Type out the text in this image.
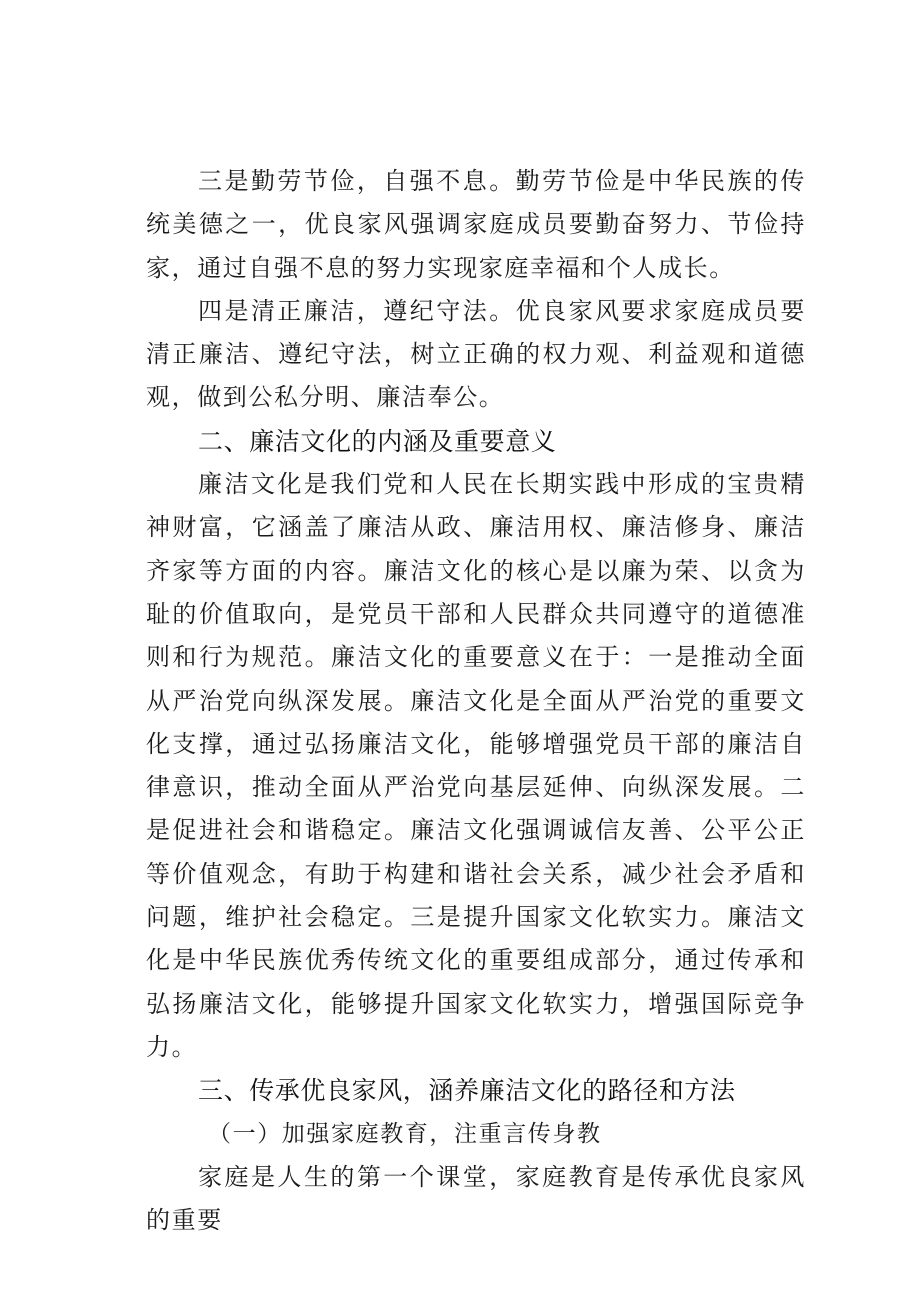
三是勤劳节俭，自强不息。勤劳节俭是中华民族的传统美德之一，优良家风强调家庭成员要勤奋努力、节俭持家，通过自强不息的努力实现家庭幸福和个人成长。

四是清正廉洁，遵纪守法。优良家风要求家庭成员要清正廉洁、遵纪守法，树立正确的权力观、利益观和道德观，做到公私分明、廉洁奉公。

二、廉洁文化的内涵及重要意义

廉洁文化是我们党和人民在长期实践中形成的宝贵精神财富，它涵盖了廉洁从政、廉洁用权、廉洁修身、廉洁齐家等方面的内容。廉洁文化的核心是以廉为荣、以贪为耻的价值取向，是党员干部和人民群众共同遵守的道德准则和行为规范。廉洁文化的重要意义在于：一是推动全面从严治党向纵深发展。廉洁文化是全面从严治党的重要文化支撑，通过弘扬廉洁文化，能够增强党员干部的廉洁自律意识，推动全面从严治党向基层延伸、向纵深发展。二是促进社会和谐稳定。廉洁文化强调诚信友善、公平公正等价值观念，有助于构建和谐社会关系，减少社会矛盾和问题，维护社会稳定。三是提升国家文化软实力。廉洁文化是中华民族优秀传统文化的重要组成部分，通过传承和弘扬廉洁文化，能够提升国家文化软实力，增强国际竞争力。

三、传承优良家风，涵养廉洁文化的路径和方法

（一）加强家庭教育，注重言传身教

家庭是人生的第一个课堂，家庭教育是传承优良家风的重要
